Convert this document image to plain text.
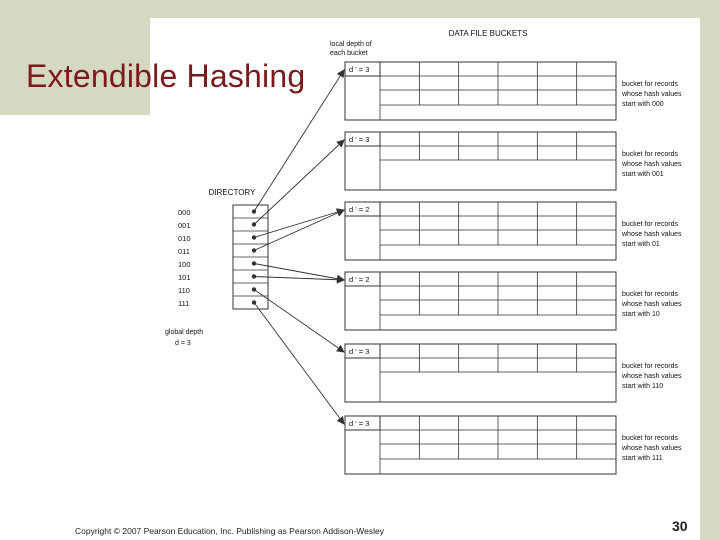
Extendible Hashing	d ' = 3
d ' = 3
d ' = 2
d ' = 2
d ' = 3
d ' = 3
DATA FILE BUCKETS
local depth of
each bucket
DIRECTORY
global depth
d = 3
bucket for records
whose hash values
start with 000
bucket for records
whose hash values
start with 001
bucket for records
whose hash values
start with 01
bucket for records
whose hash values
start with 10
bucket for records
whose hash values
start with 110
bucket for records
whose hash values
start with 111
000
001
010
011
100
101
110
111
Copyright © 2007 Pearson Education, Inc. Publishing as Pearson Addison-Wesley	30
